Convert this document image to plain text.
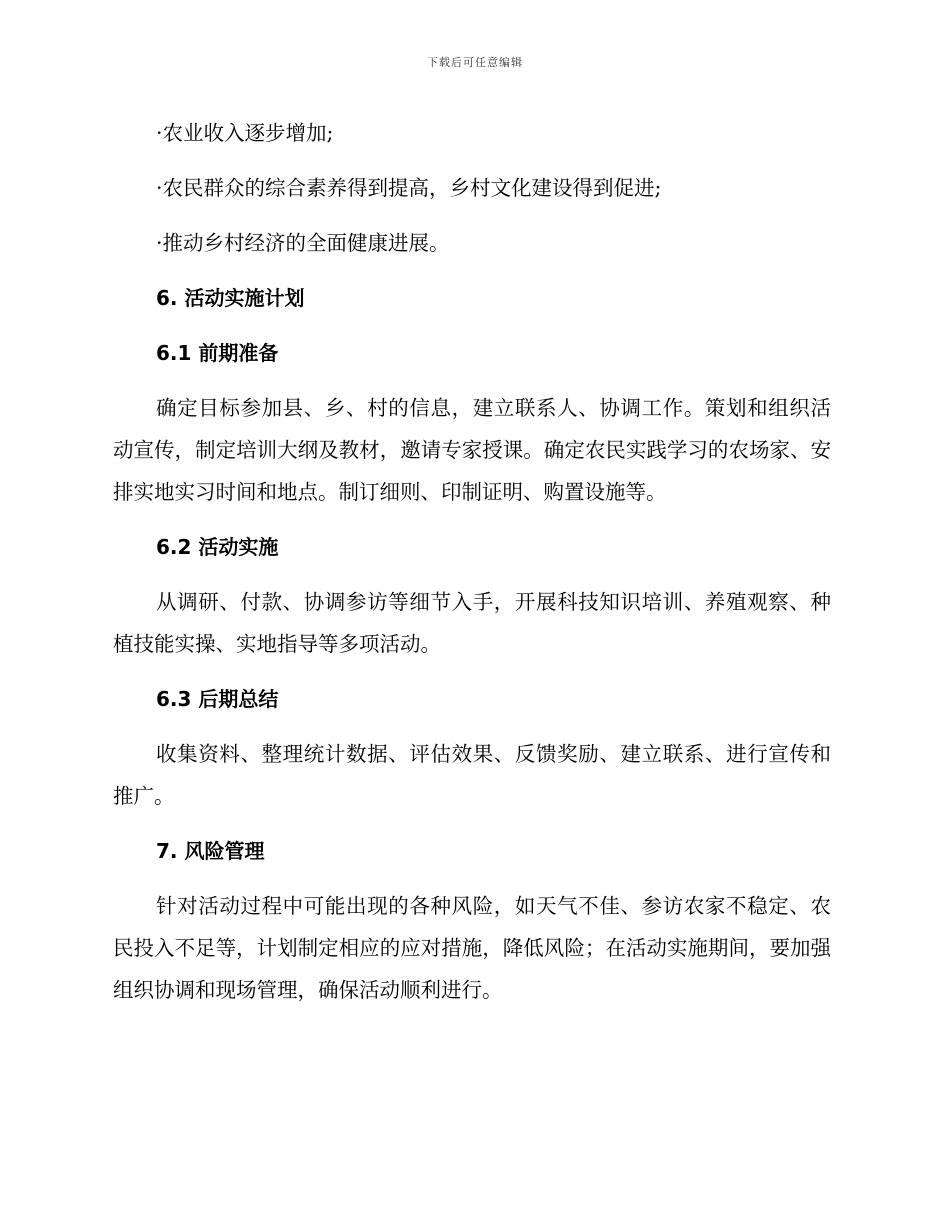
下载后可任意编辑

·农业收入逐步增加;

·农民群众的综合素养得到提高，乡村文化建设得到促进;

·推动乡村经济的全面健康进展。

6. 活动实施计划

6.1 前期准备

确定目标参加县、乡、村的信息，建立联系人、协调工作。策划和组织活动宣传，制定培训大纲及教材，邀请专家授课。确定农民实践学习的农场家、安排实地实习时间和地点。制订细则、印制证明、购置设施等。

6.2 活动实施

从调研、付款、协调参访等细节入手，开展科技知识培训、养殖观察、种植技能实操、实地指导等多项活动。

6.3 后期总结

收集资料、整理统计数据、评估效果、反馈奖励、建立联系、进行宣传和推广。

7. 风险管理

针对活动过程中可能出现的各种风险，如天气不佳、参访农家不稳定、农民投入不足等，计划制定相应的应对措施，降低风险；在活动实施期间，要加强组织协调和现场管理，确保活动顺利进行。
